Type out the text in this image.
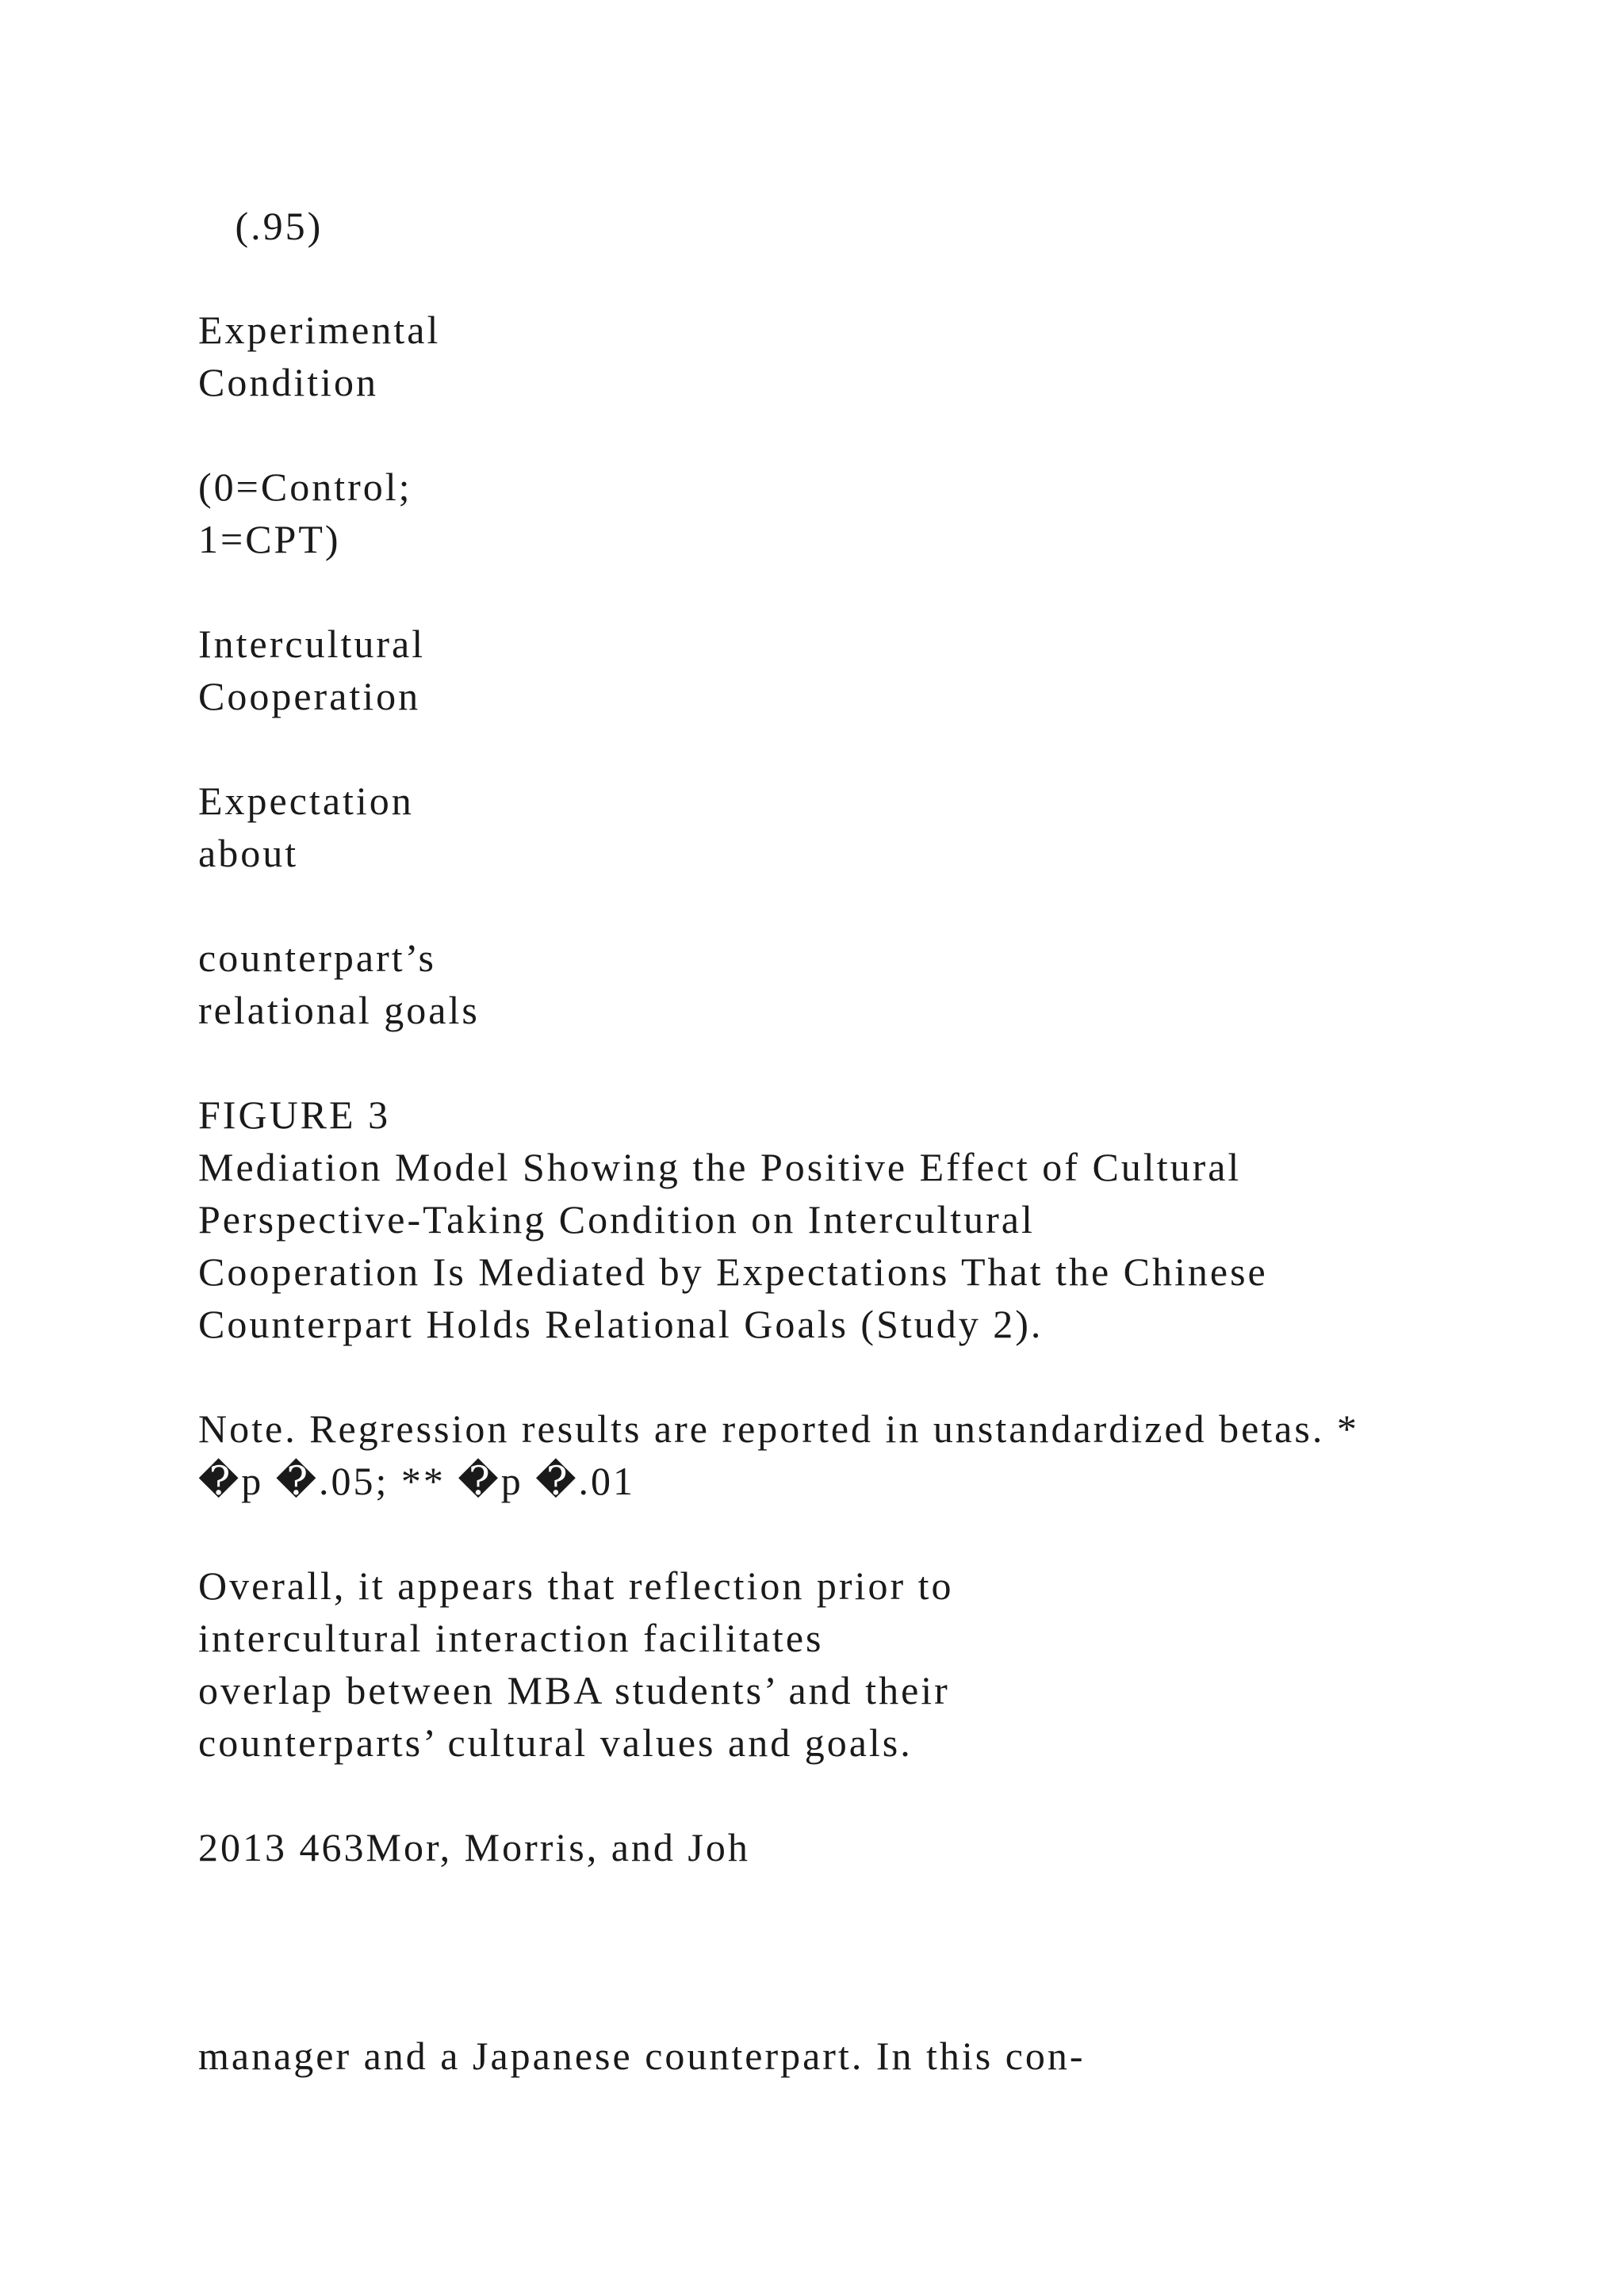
(.95)
Experimental
Condition
(0=Control;
1=CPT)
Intercultural
Cooperation
Expectation
about
counterpart’s
relational goals
FIGURE 3
Mediation Model Showing the Positive Effect of Cultural
Perspective-Taking Condition on Intercultural
Cooperation Is Mediated by Expectations That the Chinese
Counterpart Holds Relational Goals (Study 2).
Note. Regression results are reported in unstandardized betas. *
�p �.05; ** �p �.01
Overall, it appears that reflection prior to
intercultural interaction facilitates
overlap between MBA students’ and their
counterparts’ cultural values and goals.
2013 463Mor, Morris, and Joh
manager and a Japanese counterpart. In this con-
